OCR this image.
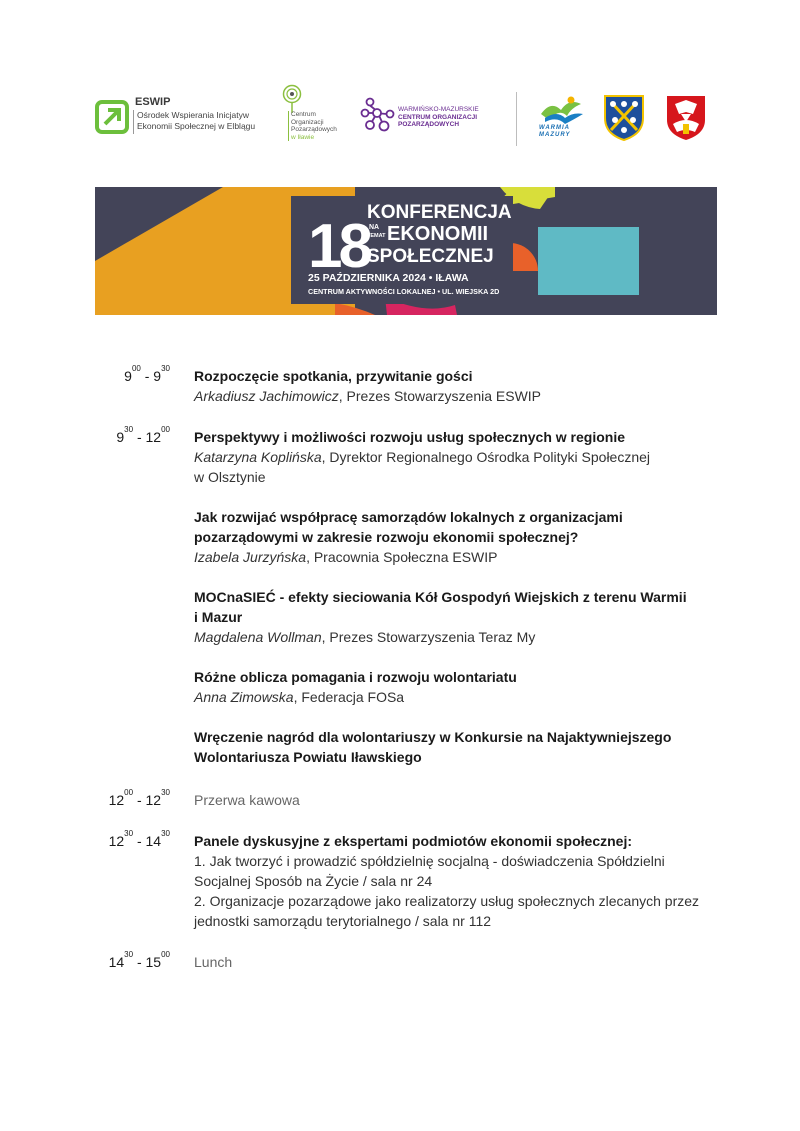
ESWIP
Ośrodek Wspierania Inicjatyw
Ekonomii Społecznej w Elblągu
Centrum
Organizacji
Pozarządowych
w Iławie
WARMIŃSKO-MAZURSKIE
CENTRUM ORGANIZACJI
POZARZĄDOWYCH	WARMIA
MAZURY
18
KONFERENCJA
NA
TEMAT EKONOMII
SPOŁECZNEJ
25 PAŹDZIERNIKA 2024 • IŁAWA
CENTRUM AKTYWNOŚCI LOKALNEJ • UL. WIEJSKA 2D
$9^{00} - 9^{30}$ Rozpoczęcie spotkania, przywitanie gości
Arkadiusz Jachimowicz, Prezes Stowarzyszenia ESWIP
$9^{30} - 12^{00}$ Perspektywy i możliwości rozwoju usług społecznych w regionie
Katarzyna Koplińska, Dyrektor Regionalnego Ośrodka Polityki Społecznej
w Olsztynie
Jak rozwijać współpracę samorządów lokalnych z organizacjami
pozarządowymi w zakresie rozwoju ekonomii społecznej?
Izabela Jurzyńska, Pracownia Społeczna ESWIP
MOCnaSIEĆ - efekty sieciowania Kół Gospodyń Wiejskich z terenu Warmii
i Mazur
Magdalena Wollman, Prezes Stowarzyszenia Teraz My
Różne oblicza pomagania i rozwoju wolontariatu
Anna Zimowska, Federacja FOSa
Wręczenie nagród dla wolontariuszy w Konkursie na Najaktywniejszego
Wolontariusza Powiatu Iławskiego
$12^{00} - 12^{30}$ Przerwa kawowa
$12^{30} - 14^{30}$ Panele dyskusyjne z ekspertami podmiotów ekonomii społecznej:
1. Jak tworzyć i prowadzić spółdzielnię socjalną - doświadczenia Spółdzielni
Socjalnej Sposób na Życie / sala nr 24
2. Organizacje pozarządowe jako realizatorzy usług społecznych zlecanych przez
jednostki samorządu terytorialnego / sala nr 112
$14^{30} - 15^{00}$ Lunch
